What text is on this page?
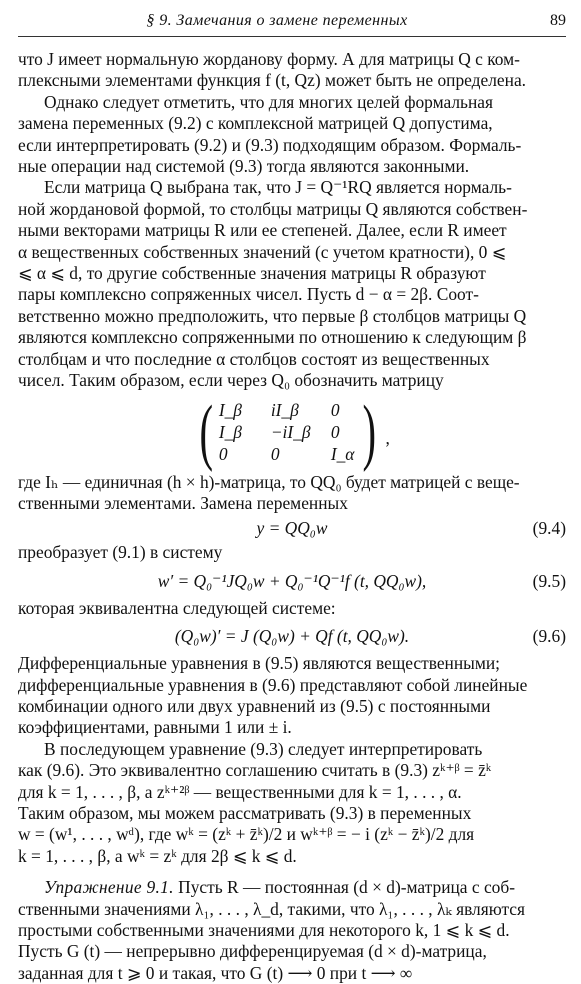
§ 9. Замечания о замене переменных	89

что J имеет нормальную жорданову форму. А для матрицы Q с ком-
плексными элементами функция f (t, Qz) может быть не определена.

Однако следует отметить, что для многих целей формальная
замена переменных (9.2) с комплексной матрицей Q допустима,
если интерпретировать (9.2) и (9.3) подходящим образом. Формаль-
ные операции над системой (9.3) тогда являются законными.

Если матрица Q выбрана так, что J = Q⁻¹RQ является нормаль-
ной жордановой формой, то столбцы матрицы Q являются собствен-
ными векторами матрицы R или ее степеней. Далее, если R имеет
α вещественных собственных значений (с учетом кратности), 0 ⩽
⩽ α ⩽ d, то другие собственные значения матрицы R образуют
пары комплексно сопряженных чисел. Пусть d − α = 2β. Соот-
ветственно можно предположить, что первые β столбцов матрицы Q
являются комплексно сопряженными по отношению к следующим β
столбцам и что последние α столбцов состоят из вещественных
чисел. Таким образом, если через Q₀ обозначить матрицу

( I_β	iI_β	0
I_β	−iI_β	0
0	0	I_α ) ,

где Iₕ — единичная (h × h)-матрица, то QQ₀ будет матрицей с веще-
ственными элементами. Замена переменных

y = QQ₀w	(9.4)

преобразует (9.1) в систему

w′ = Q₀⁻¹JQ₀w + Q₀⁻¹Q⁻¹f (t, QQ₀w),	(9.5)

которая эквивалентна следующей системе:

(Q₀w)′ = J (Q₀w) + Qf (t, QQ₀w).	(9.6)

Дифференциальные уравнения в (9.5) являются вещественными;
дифференциальные уравнения в (9.6) представляют собой линейные
комбинации одного или двух уравнений из (9.5) с постоянными
коэффициентами, равными 1 или ± i.

В последующем уравнение (9.3) следует интерпретировать
как (9.6). Это эквивалентно соглашению считать в (9.3) zᵏ⁺ᵝ = z̄ᵏ
для k = 1, . . . , β, а zᵏ⁺²ᵝ — вещественными для k = 1, . . . , α.
Таким образом, мы можем рассматривать (9.3) в переменных
w = (w¹, . . . , wᵈ), где wᵏ = (zᵏ + z̄ᵏ)/2 и wᵏ⁺ᵝ = − i (zᵏ − z̄ᵏ)/2 для
k = 1, . . . , β, а wᵏ = zᵏ для 2β ⩽ k ⩽ d.

Упражнение 9.1. Пусть R — постоянная (d × d)-матрица с соб-
ственными значениями λ₁, . . . , λ_d, такими, что λ₁, . . . , λₖ являются
простыми собственными значениями для некоторого k, 1 ⩽ k ⩽ d.
Пусть G (t) — непрерывно дифференцируемая (d × d)-матрица,
заданная для t ⩾ 0 и такая, что G (t) ⟶ 0 при t ⟶ ∞
